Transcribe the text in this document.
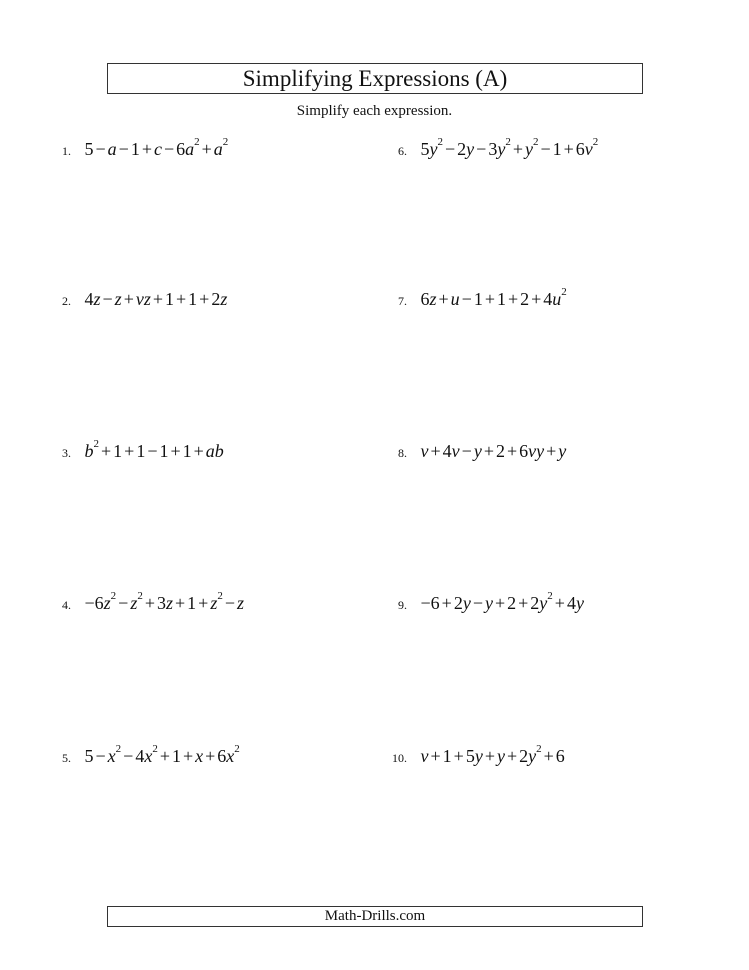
Simplifying Expressions (A)
Simplify each expression.
1. $5 - a - 1 + c - 6a^2 + a^2$
2. 4z − z + vz + 1 + 1 + 2z
3. $b^2 + 1 + 1 - 1 + 1$ + ab
4. $-6z^2 - z^2 + 3z + 1 + z^2 - z$
5. $5 - x^2 - 4x^2 + 1 + x + 6x^2$
6. $5y^2 - 2y - 3y^2 + y^2 - 1 + 6v^2$
7. $6z + u - 1 + 1 + 2 + 4u^2$
8. v + 4v − y + 2 + 6vy + y
9. $-6 + 2y - y + 2 + 2y^2 + 4y$
10. $v + 1 + 5y + y + 2y^2 + 6$
Math-Drills.com
